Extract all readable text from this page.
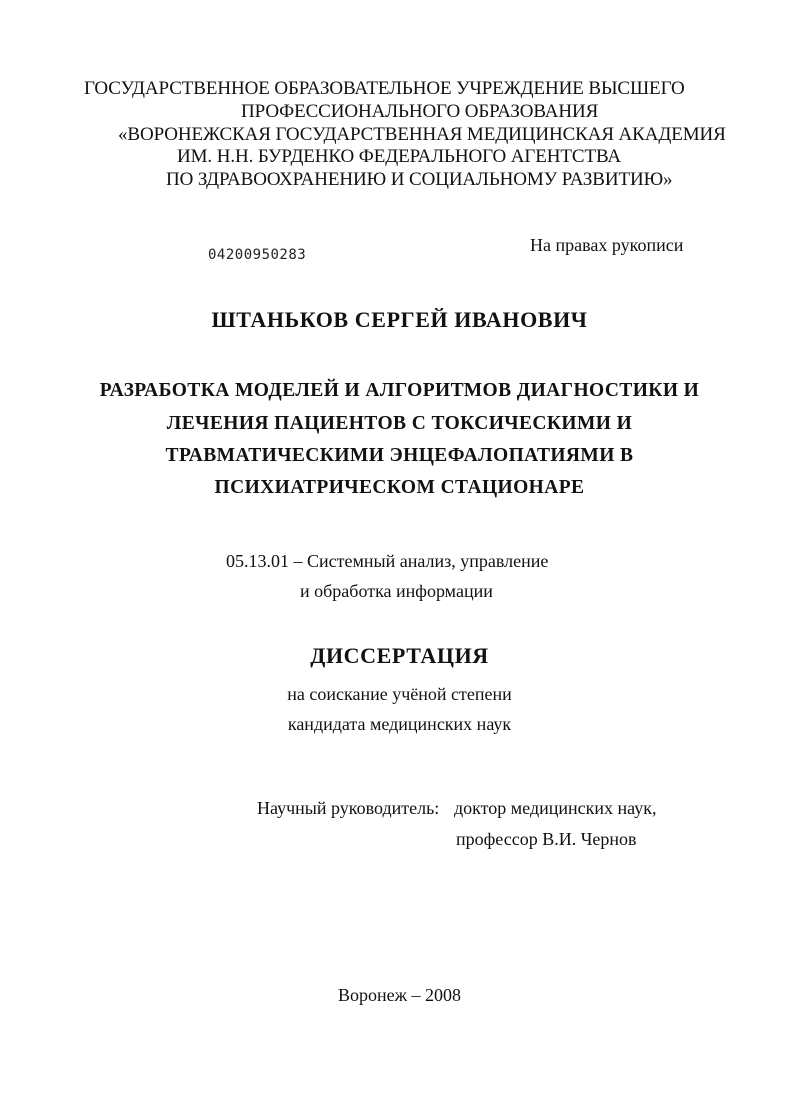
ГОСУДАРСТВЕННОЕ ОБРАЗОВАТЕЛЬНОЕ УЧРЕЖДЕНИЕ ВЫСШЕГО
ПРОФЕССИОНАЛЬНОГО ОБРАЗОВАНИЯ
«ВОРОНЕЖСКАЯ ГОСУДАРСТВЕННАЯ МЕДИЦИНСКАЯ АКАДЕМИЯ
ИМ. Н.Н. БУРДЕНКО ФЕДЕРАЛЬНОГО АГЕНТСТВА
ПО ЗДРАВООХРАНЕНИЮ И СОЦИАЛЬНОМУ РАЗВИТИЮ»
04200950283	На правах рукописи
ШТАНЬКОВ СЕРГЕЙ ИВАНОВИЧ
РАЗРАБОТКА МОДЕЛЕЙ И АЛГОРИТМОВ ДИАГНОСТИКИ И
ЛЕЧЕНИЯ ПАЦИЕНТОВ С ТОКСИЧЕСКИМИ И
ТРАВМАТИЧЕСКИМИ ЭНЦЕФАЛОПАТИЯМИ В
ПСИХИАТРИЧЕСКОМ СТАЦИОНАРЕ
05.13.01 – Системный анализ, управление
и обработка информации
ДИССЕРТАЦИЯ
на соискание учёной степени
кандидата медицинских наук
Научный руководитель: доктор медицинских наук,
профессор В.И. Чернов
Воронеж – 2008
